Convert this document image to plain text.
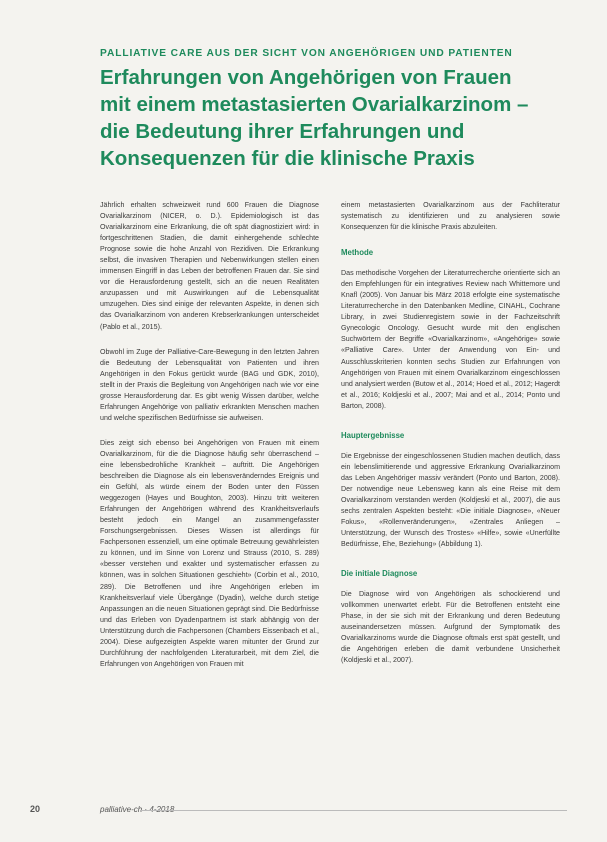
PALLIATIVE CARE AUS DER SICHT VON ANGEHÖRIGEN UND PATIENTEN
Erfahrungen von Angehörigen von Frauen
mit einem metastasierten Ovarialkarzinom –
die Bedeutung ihrer Erfahrungen und
Konsequenzen für die klinische Praxis

Jährlich erhalten schweizweit rund 600 Frauen die Diagnose Ovarialkarzinom (NICER, o. D.). Epidemiologisch ist das Ovarialkarzinom eine Erkrankung, die oft spät diagnostiziert wird: in fortgeschrittenen Stadien, die damit einhergehende schlechte Prognose sowie die hohe Anzahl von Rezidiven. Die Erkrankung selbst, die invasiven Therapien und Nebenwirkungen stellen einen immensen Eingriff in das Leben der betroffenen Frauen dar. Sie sind vor die Herausforderung gestellt, sich an die neuen Realitäten anzupassen und mit Auswirkungen auf die Lebensqualität umzugehen. Dies sind einige der relevanten Aspekte, in denen sich das Ovarialkarzinom von anderen Krebserkrankungen unterscheidet (Pablo et al., 2015).

Obwohl im Zuge der Palliative-Care-Bewegung in den letzten Jahren die Bedeutung der Lebensqualität von Patienten und ihren Angehörigen in den Fokus gerückt wurde (BAG und GDK, 2010), stellt in der Praxis die Begleitung von Angehörigen nach wie vor eine grosse Herausforderung dar. Es gibt wenig Wissen darüber, welche Erfahrungen Angehörige von palliativ erkrankten Menschen machen und welche spezifischen Bedürfnisse sie aufweisen.

Dies zeigt sich ebenso bei Angehörigen von Frauen mit einem Ovarialkarzinom, für die die Diagnose häufig sehr überraschend – eine lebensbedrohliche Krankheit – auftritt. Die Angehörigen beschreiben die Diagnose als ein lebensveränderndes Ereignis und ein Gefühl, als würde einem der Boden unter den Füssen weggezogen (Hayes und Boughton, 2003). Hinzu tritt weiteren Erfahrungen der Angehörigen während des Krankheitsverlaufs besteht jedoch ein Mangel an zusammengefasster Forschungsergebnissen. Dieses Wissen ist allerdings für Fachpersonen essenziell, um eine optimale Betreuung gewährleisten zu können, und im Sinne von Lorenz und Strauss (2010, S. 289) «besser verstehen und exakter und systematischer erfassen zu können, was in solchen Situationen geschieht» (Corbin et al., 2010, 289). Die Betroffenen und ihre Angehörigen erleben im Krankheitsverlauf viele Übergänge (Dyadin), welche durch stetige Anpassungen an die neuen Situationen geprägt sind. Die Bedürfnisse und das Erleben von Dyadenpartnern ist stark abhängig von der Unterstützung durch die Fachpersonen (Chambers Eissenbach et al., 2004). Diese aufgezeigten Aspekte waren mitunter der Grund zur Durchführung der nachfolgenden Literaturarbeit, mit dem Ziel, die Erfahrungen von Angehörigen von Frauen mit

einem metastasierten Ovarialkarzinom aus der Fachliteratur systematisch zu identifizieren und zu analysieren sowie Konsequenzen für die klinische Praxis abzuleiten.

Methode

Das methodische Vorgehen der Literaturrecherche orientierte sich an den Empfehlungen für ein integratives Review nach Whittemore und Knafl (2005). Von Januar bis März 2018 erfolgte eine systematische Literaturrecherche in den Datenbanken Medline, CINAHL, Cochrane Library, in zwei Studienregistern sowie in der Fachzeitschrift Gynecologic Oncology. Gesucht wurde mit den englischen Suchwörtern der Begriffe «Ovarialkarzinom», «Angehörige» sowie «Palliative Care». Unter der Anwendung von Ein- und Ausschlusskriterien konnten sechs Studien zur Erfahrungen von Angehörigen von Frauen mit einem Ovarialkarzinom eingeschlossen und analysiert werden (Butow et al., 2014; Hoed et al., 2012; Hagerdt et al., 2016; Koldjeski et al., 2007; Mai and et al., 2014; Ponto und Barton, 2008).

Hauptergebnisse

Die Ergebnisse der eingeschlossenen Studien machen deutlich, dass ein lebenslimitierende und aggressive Erkrankung Ovarialkarzinom das Leben Angehöriger massiv verändert (Ponto und Barton, 2008). Der notwendige neue Lebensweg kann als eine Reise mit dem Ovarialkarzinom verstanden werden (Koldjeski et al., 2007), die aus sechs zentralen Aspekten besteht: «Die initiale Diagnose», «Neuer Fokus», «Rollenveränderungen», «Zentrales Anliegen – Unterstützung, der Wunsch des Trostes» «Hilfe», sowie «Unerfüllte Bedürfnisse, Ehe, Beziehung» (Abbildung 1).

Die initiale Diagnose

Die Diagnose wird von Angehörigen als schockierend und vollkommen unerwartet erlebt. Für die Betroffenen entsteht eine Phase, in der sie sich mit der Erkrankung und deren Bedeutung auseinandersetzen müssen. Aufgrund der Symptomatik des Ovarialkarzinoms wurde die Diagnose oftmals erst spät gestellt, und die Angehörigen erleben die damit verbundene Unsicherheit (Koldjeski et al., 2007).

20	palliative-ch · 4-2018
